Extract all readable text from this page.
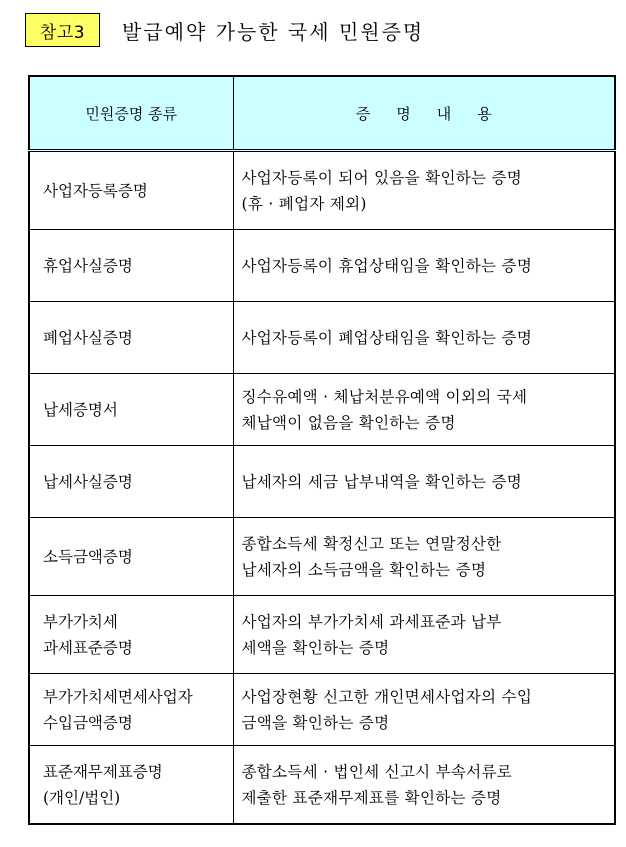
참고3	발급예약 가능한 국세 민원증명
민원증명 종류	증명내용

사업자등록증명	사업자등록이 되어 있음을 확인하는 증명
(휴 · 폐업자 제외)

휴업사실증명	사업자등록이 휴업상태임을 확인하는 증명

폐업사실증명	사업자등록이 폐업상태임을 확인하는 증명

납세증명서	징수유예액 · 체납처분유예액 이외의 국세
체납액이 없음을 확인하는 증명

납세사실증명	납세자의 세금 납부내역을 확인하는 증명

소득금액증명	종합소득세 확정신고 또는 연말정산한
납세자의 소득금액을 확인하는 증명

부가가치세
과세표준증명	사업자의 부가가치세 과세표준과 납부
세액을 확인하는 증명

부가가치세면세사업자
수입금액증명	사업장현황 신고한 개인면세사업자의 수입
금액을 확인하는 증명

표준재무제표증명
(개인/법인)	종합소득세 · 법인세 신고시 부속서류로
제출한 표준재무제표를 확인하는 증명
